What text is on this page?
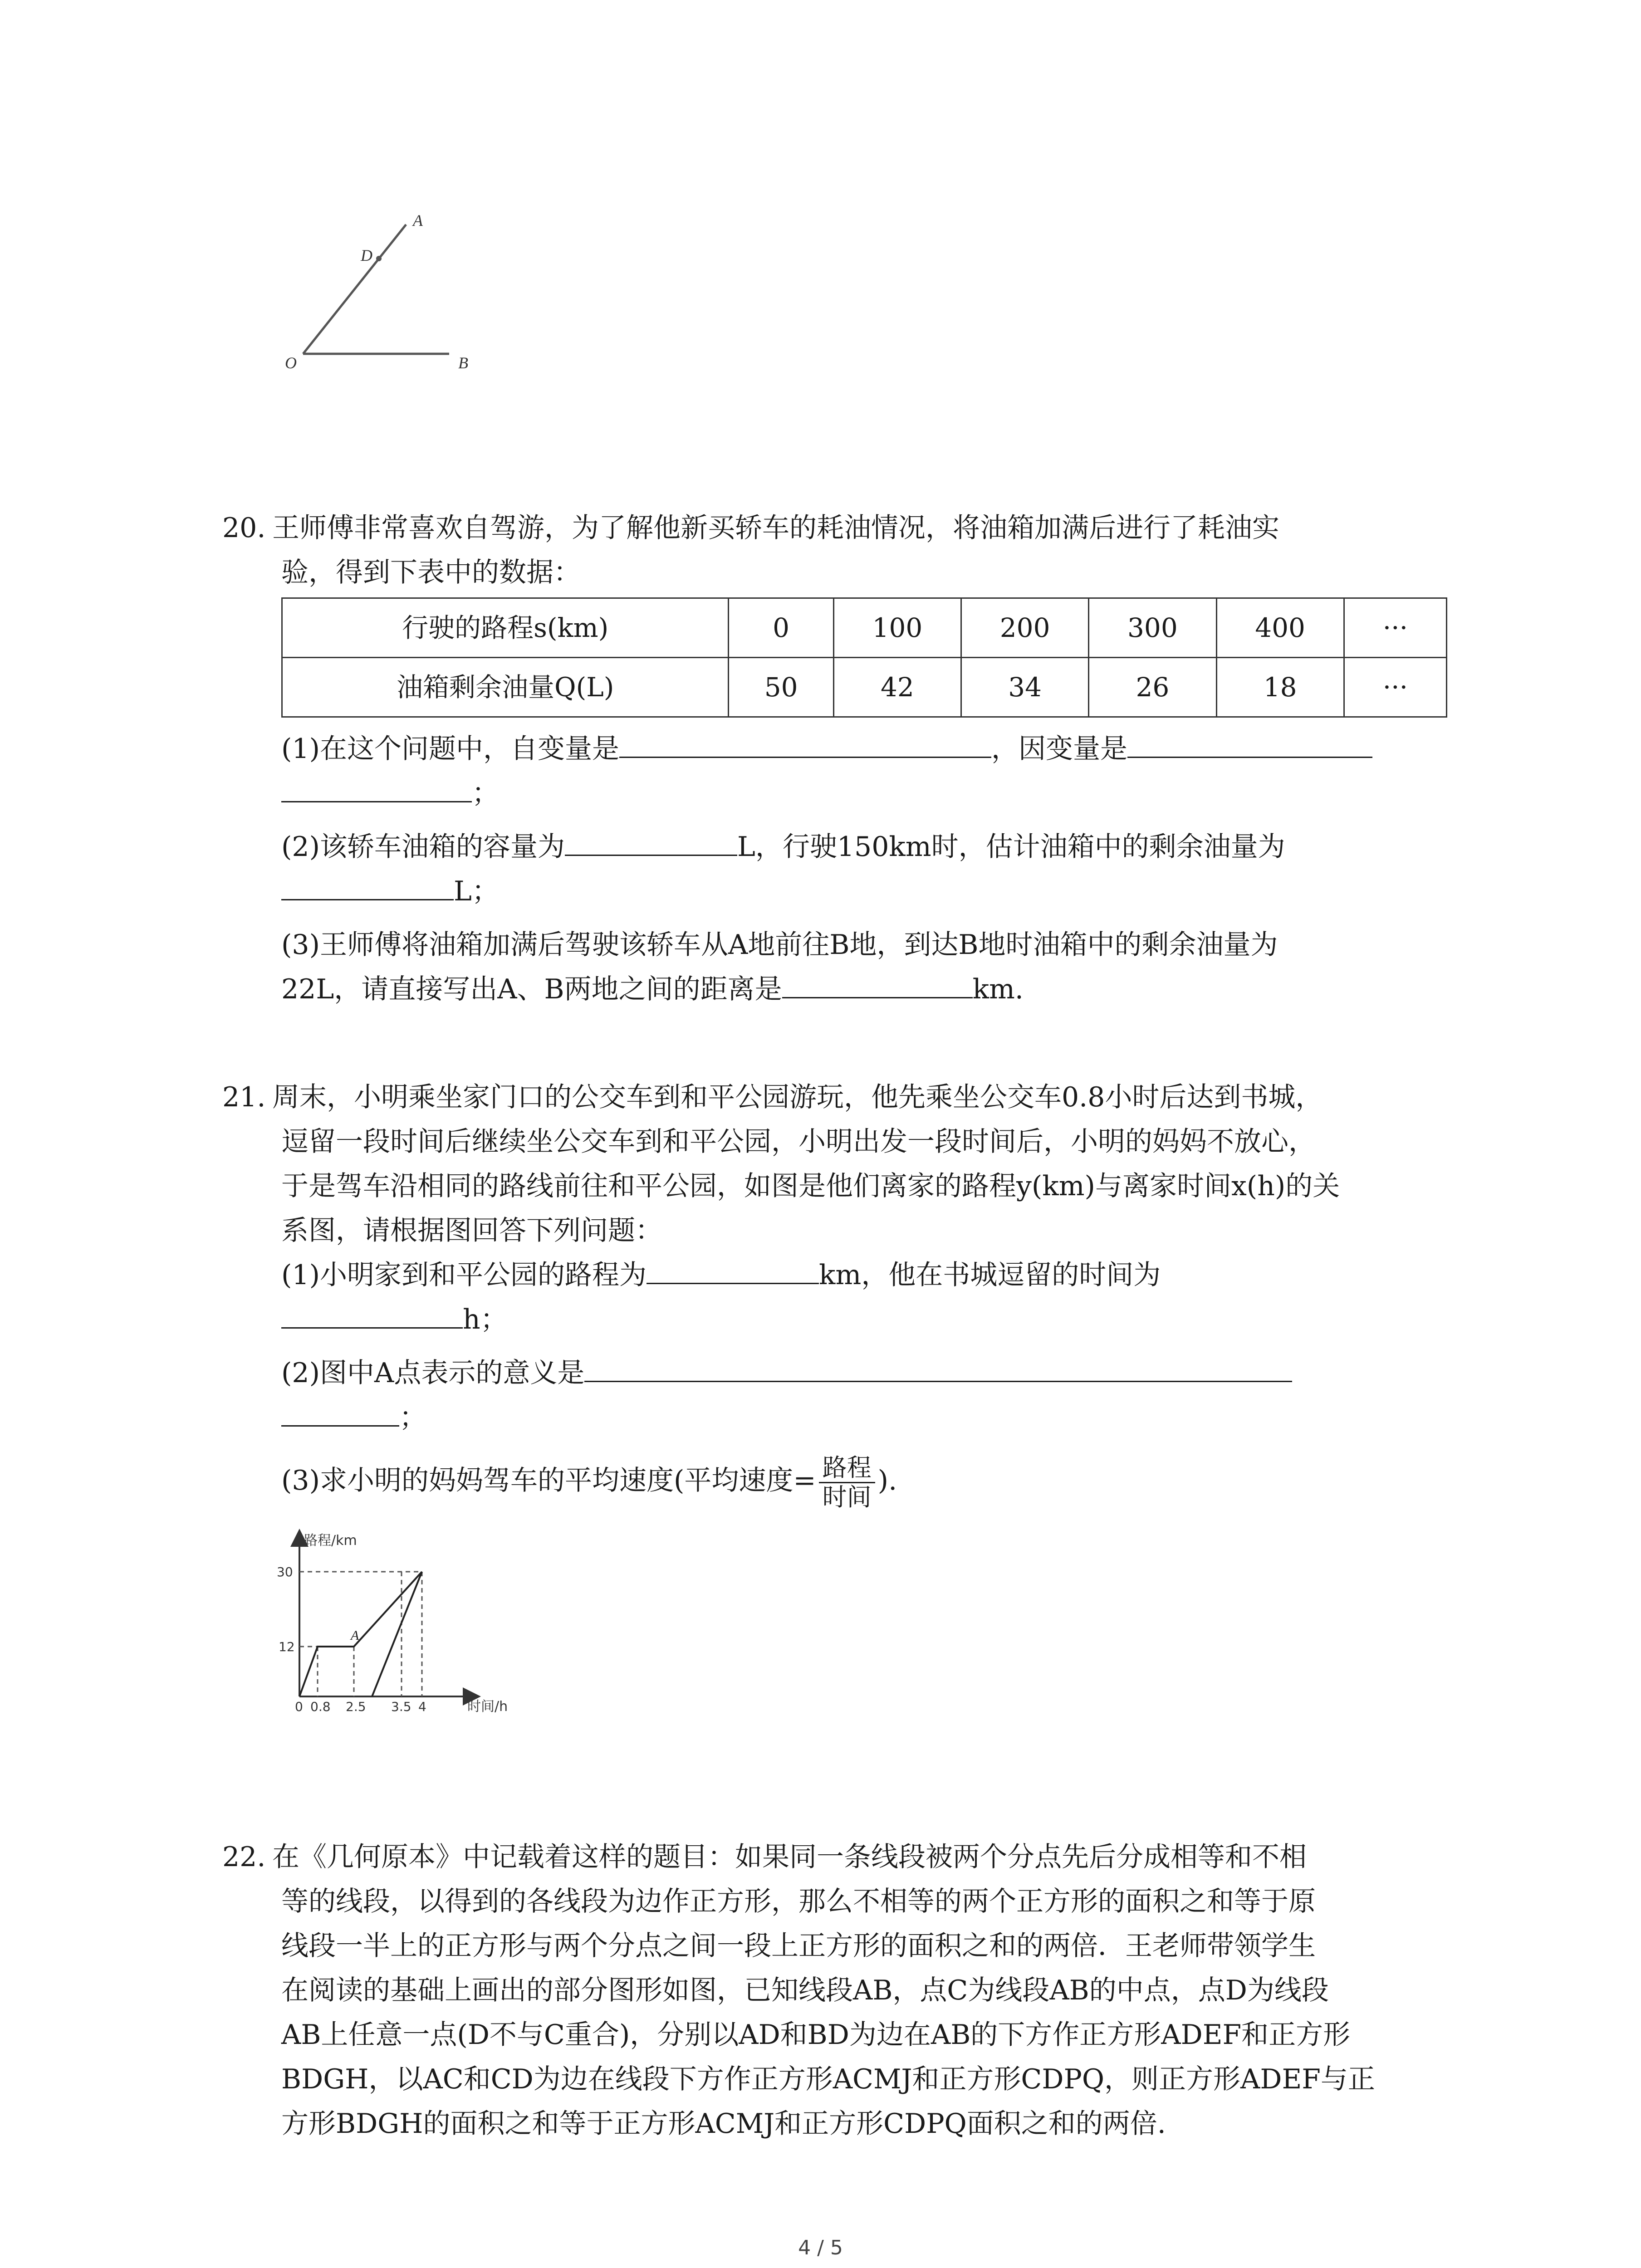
A
D
O	B

20. 王师傅非常喜欢自驾游，为了解他新买轿车的耗油情况，将油箱加满后进行了耗油实

验，得到下表中的数据：

行驶的路程s(km)	0	100	200	300	400	···
油箱剩余油量Q(L)	50	42	34	26	18	···

(1)在这个问题中，自变量是	，因变量是

；

(2)该轿车油箱的容量为	L，行驶150km时，估计油箱中的剩余油量为

L；

(3)王师傅将油箱加满后驾驶该轿车从A地前往B地，到达B地时油箱中的剩余油量为

22L，请直接写出A、B两地之间的距离是	km.

21. 周末，小明乘坐家门口的公交车到和平公园游玩，他先乘坐公交车0.8小时后达到书城，

逗留一段时间后继续坐公交车到和平公园，小明出发一段时间后，小明的妈妈不放心，

于是驾车沿相同的路线前往和平公园，如图是他们离家的路程y(km)与离家时间x(h)的关

系图，请根据图回答下列问题：

(1)小明家到和平公园的路程为	km，他在书城逗留的时间为

h；

(2)图中A点表示的意义是

；

(3)求小明的妈妈驾车的平均速度(平均速度= $\frac{\text{路程}}{\text{时间}}$ ).

路程/km
时间/h
A
30
12
0 0.8 2.5 3.5 4

22. 在《几何原本》中记载着这样的题目：如果同一条线段被两个分点先后分成相等和不相

等的线段，以得到的各线段为边作正方形，那么不相等的两个正方形的面积之和等于原

线段一半上的正方形与两个分点之间一段上正方形的面积之和的两倍．王老师带领学生

在阅读的基础上画出的部分图形如图，已知线段AB，点C为线段AB的中点，点D为线段

AB上任意一点(D不与C重合)，分别以AD和BD为边在AB的下方作正方形ADEF和正方形

BDGH，以AC和CD为边在线段下方作正方形ACMJ和正方形CDPQ，则正方形ADEF与正

方形BDGH的面积之和等于正方形ACMJ和正方形CDPQ面积之和的两倍.

4 / 5
